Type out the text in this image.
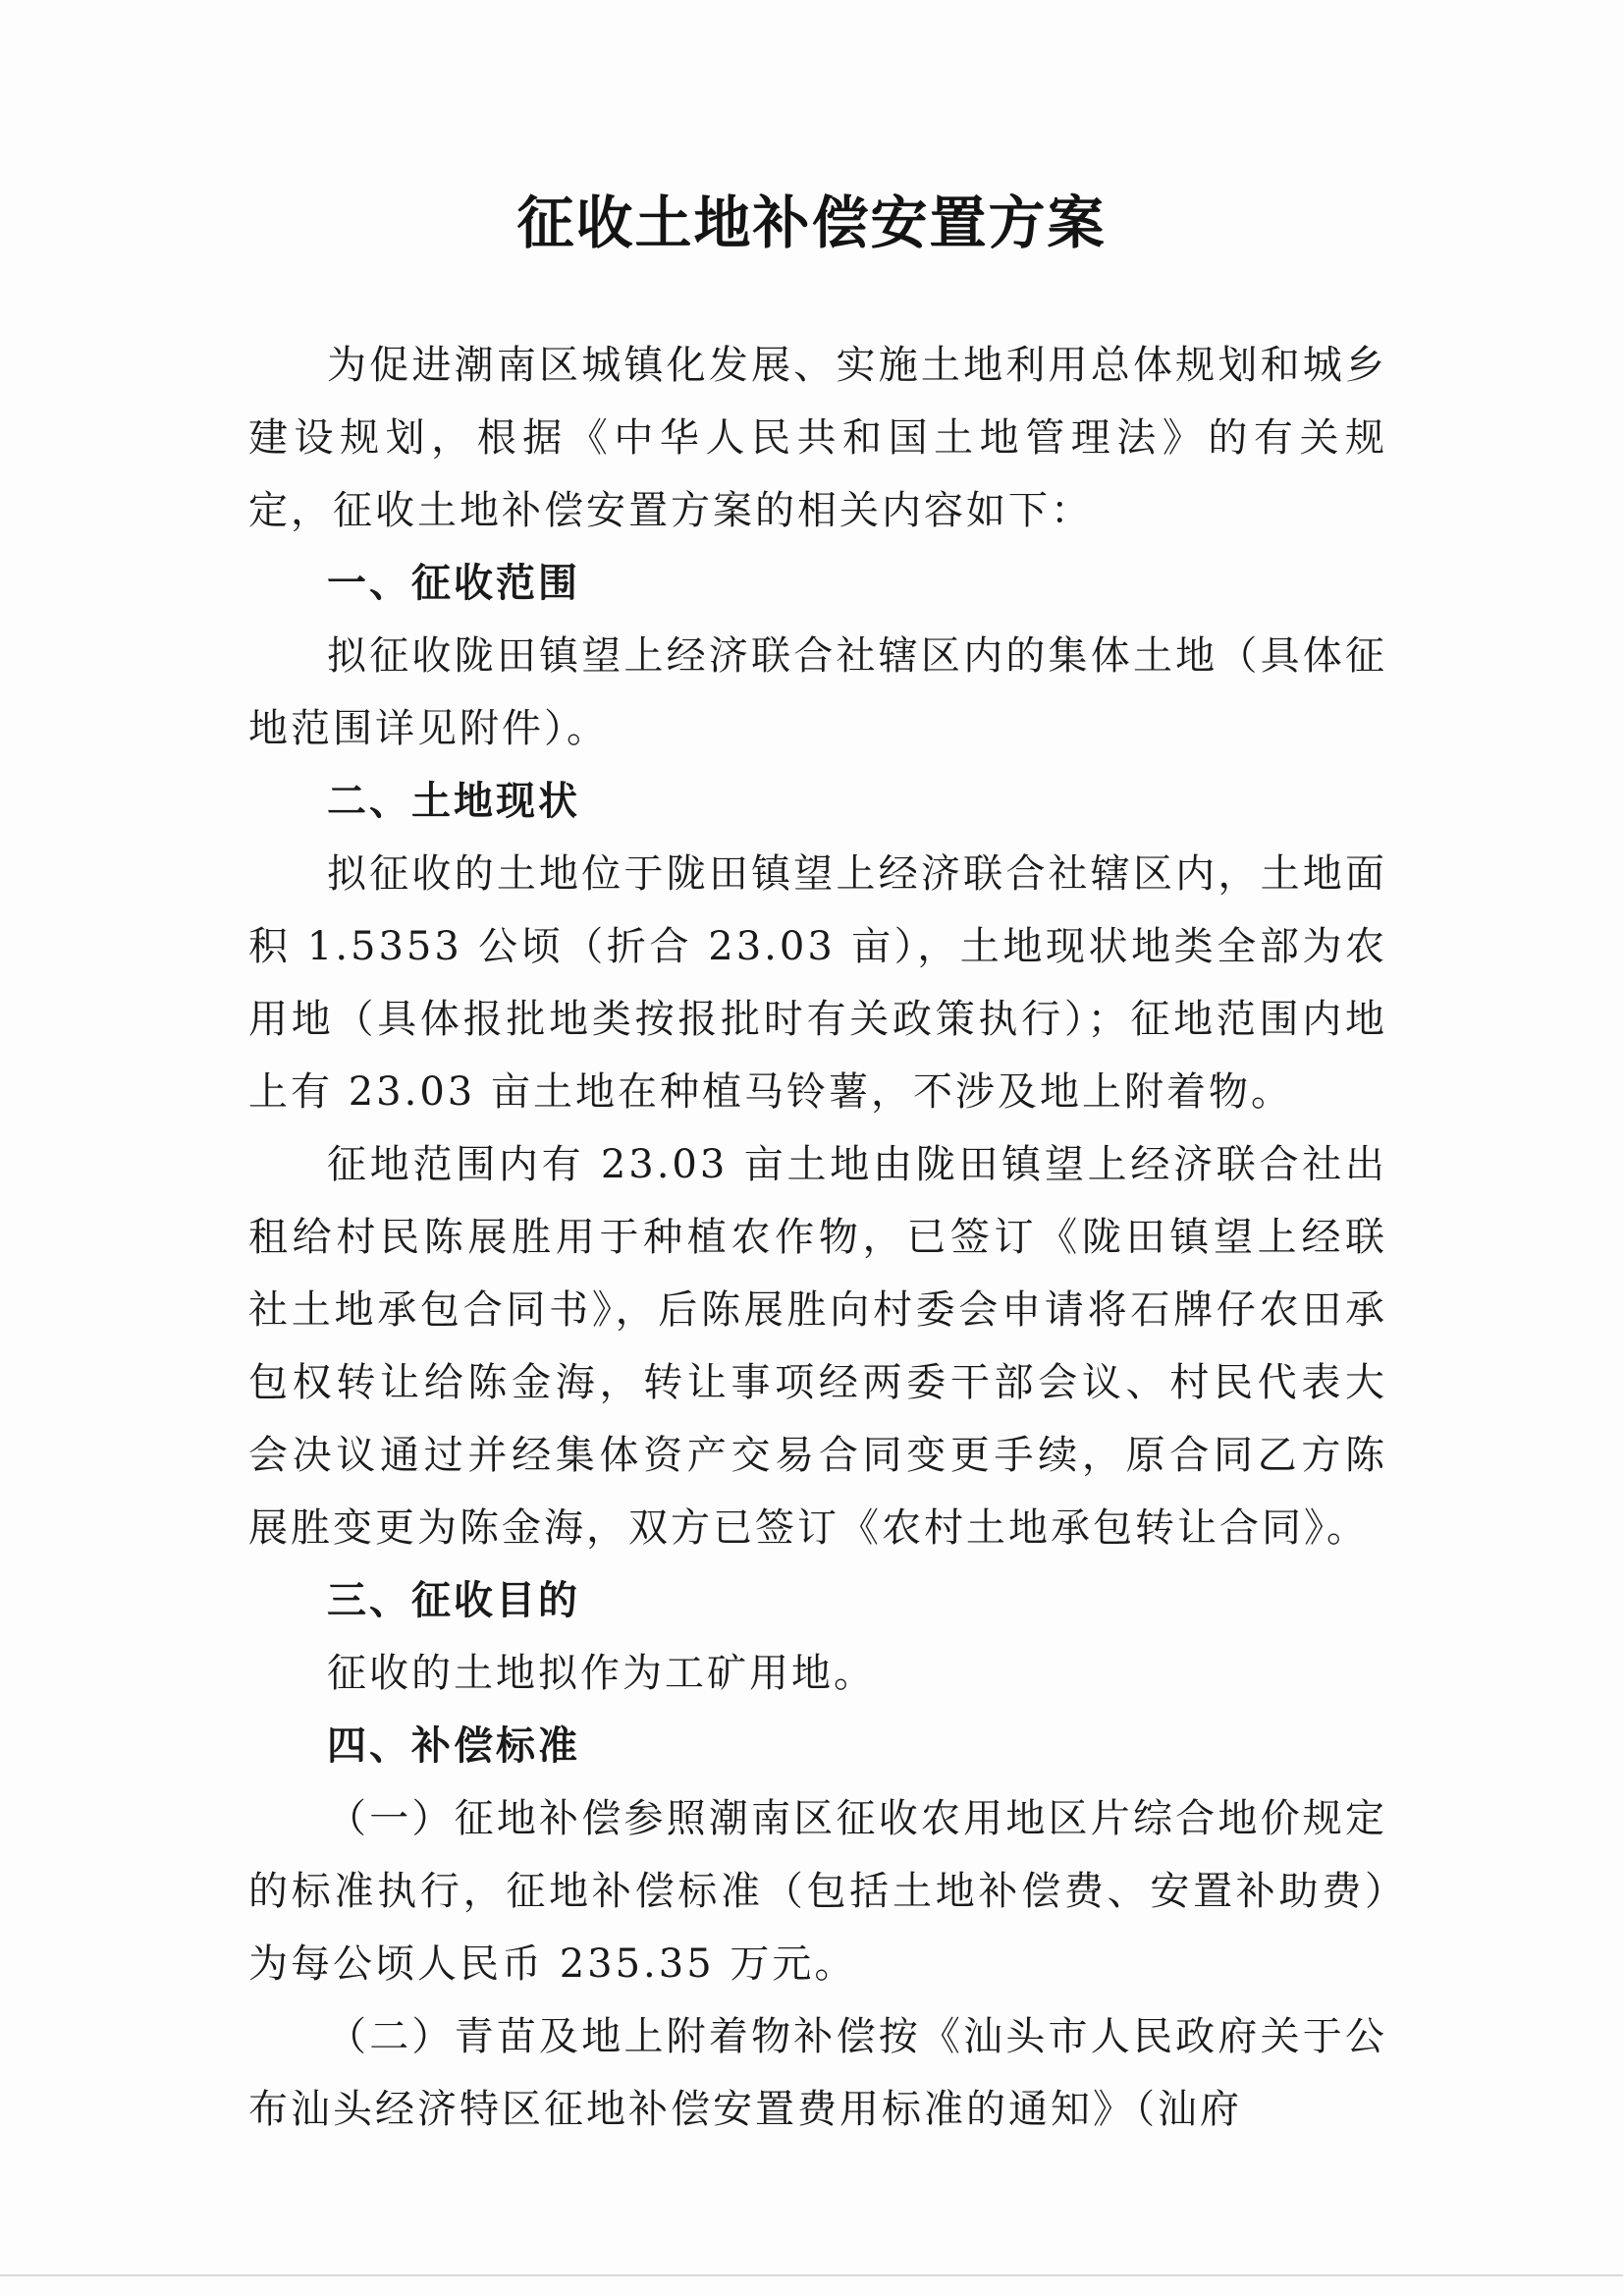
征收土地补偿安置方案

为促进潮南区城镇化发展、实施土地利用总体规划和城乡建设规划，根据《中华人民共和国土地管理法》的有关规定，征收土地补偿安置方案的相关内容如下：

一、征收范围

拟征收陇田镇望上经济联合社辖区内的集体土地（具体征地范围详见附件）。

二、土地现状

拟征收的土地位于陇田镇望上经济联合社辖区内，土地面积 1.5353 公顷（折合 23.03 亩），土地现状地类全部为农用地（具体报批地类按报批时有关政策执行）；征地范围内地上有 23.03 亩土地在种植马铃薯，不涉及地上附着物。

征地范围内有 23.03 亩土地由陇田镇望上经济联合社出租给村民陈展胜用于种植农作物，已签订《陇田镇望上经联社土地承包合同书》，后陈展胜向村委会申请将石牌仔农田承包权转让给陈金海，转让事项经两委干部会议、村民代表大会决议通过并经集体资产交易合同变更手续，原合同乙方陈展胜变更为陈金海，双方已签订《农村土地承包转让合同》。

三、征收目的

征收的土地拟作为工矿用地。

四、补偿标准

（一）征地补偿参照潮南区征收农用地区片综合地价规定的标准执行，征地补偿标准（包括土地补偿费、安置补助费）为每公顷人民币 235.35 万元。

（二）青苗及地上附着物补偿按《汕头市人民政府关于公布汕头经济特区征地补偿安置费用标准的通知》（汕府
